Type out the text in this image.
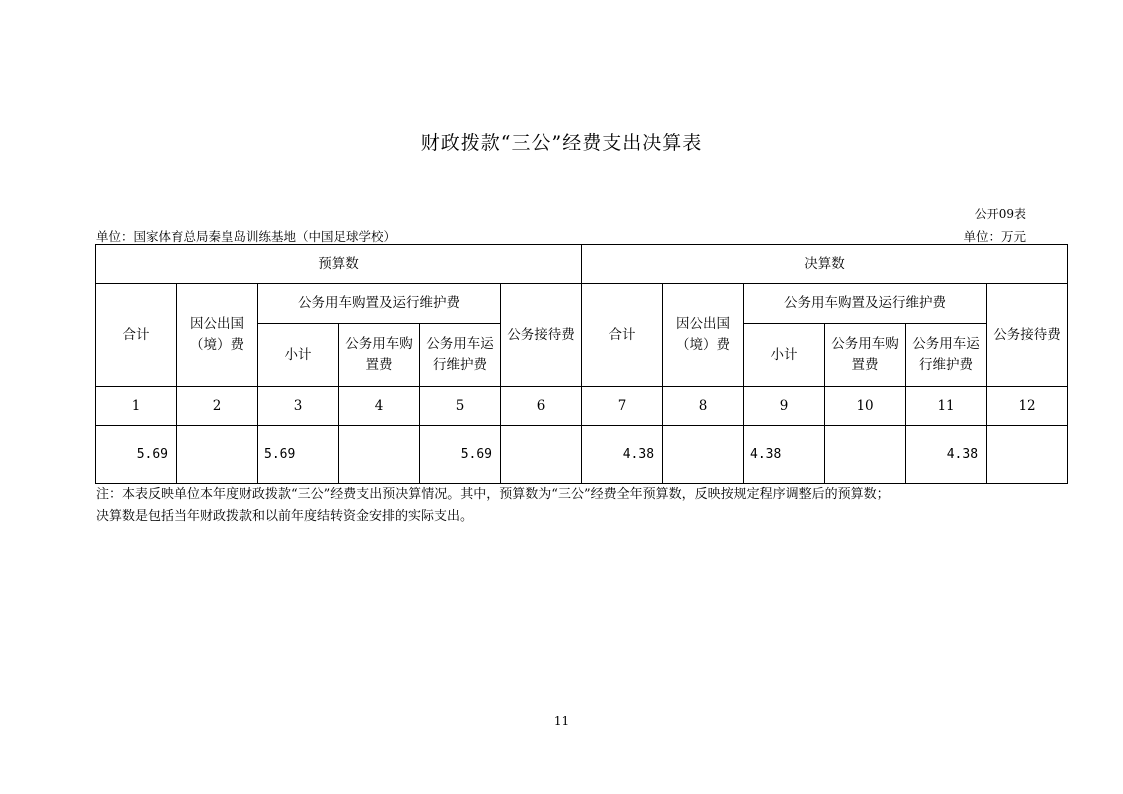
财政拨款“三公”经费支出决算表
公开09表
单位：国家体育总局秦皇岛训练基地（中国足球学校）	单位：万元
预算数						决算数					
合计	因公出国（境）费	公务用车购置及运行维护费			公务接待费	合计	因公出国（境）费	公务用车购置及运行维护费			公务接待费
		小计	公务用车购置费	公务用车运行维护费				小计	公务用车购置费	公务用车运行维护费	
1	2	3	4	5	6	7	8	9	10	11	12
5.69		5.69		5.69		4.38		4.38		4.38	
注：本表反映单位本年度财政拨款“三公”经费支出预决算情况。其中，预算数为“三公”经费全年预算数，反映按规定程序调整后的预算数；
决算数是包括当年财政拨款和以前年度结转资金安排的实际支出。
11
